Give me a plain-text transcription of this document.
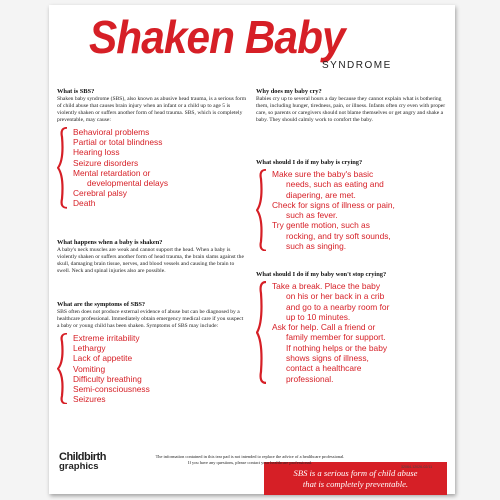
Shaken Baby
SYNDROME
What is SBS?

Shaken baby syndrome (SBS), also known as abusive head trauma, is a serious form of child abuse that causes brain injury when an infant or a child up to age 5 is violently shaken or suffers another form of head trauma. SBS, which is completely preventable, may cause:

Behavioral problems
Partial or total blindness
Hearing loss
Seizure disorders
Mental retardation or
developmental delays
Cerebral palsy
Death
What happens when a baby is shaken?

A baby's neck muscles are weak and cannot support the head. When a baby is violently shaken or suffers another form of head trauma, the brain slams against the skull, damaging brain tissue, nerves, and blood vessels and causing the brain to swell. Neck and spinal injuries also are possible.

What are the symptoms of SBS?

SBS often does not produce external evidence of abuse but can be diagnosed by a healthcare professional. Immediately obtain emergency medical care if you suspect a baby or young child has been shaken. Symptoms of SBS may include:

Extreme irritability
Lethargy
Lack of appetite
Vomiting
Difficulty breathing
Semi-consciousness
Seizures
Why does my baby cry?

Babies cry up to several hours a day because they cannot explain what is bothering them, including hunger, tiredness, pain, or illness. Infants often cry even with proper care, so parents or caregivers should not blame themselves or get angry and shake a baby. They should calmly work to comfort the baby.

What should I do if my baby is crying?
Make sure the baby's basic
needs, such as eating and
diapering, are met.
Check for signs of illness or pain,
such as fever.
Try gentle motion, such as
rocking, and try soft sounds,
such as singing.
What should I do if my baby won't stop crying?
Take a break. Place the baby
on his or her back in a crib
and go to a nearby room for
up to 10 minutes.
Ask for help. Call a friend or
family member for support.
If nothing helps or the baby
shows signs of illness,
contact a healthcare
professional.
SBS is a serious form of child abuse
that is completely preventable.
Childbirth
graphics
The information contained in this tear pad is not intended to replace the advice of a healthcare professional.
If you have any questions, please contact your healthcare professional.
32064-12026-02/11
